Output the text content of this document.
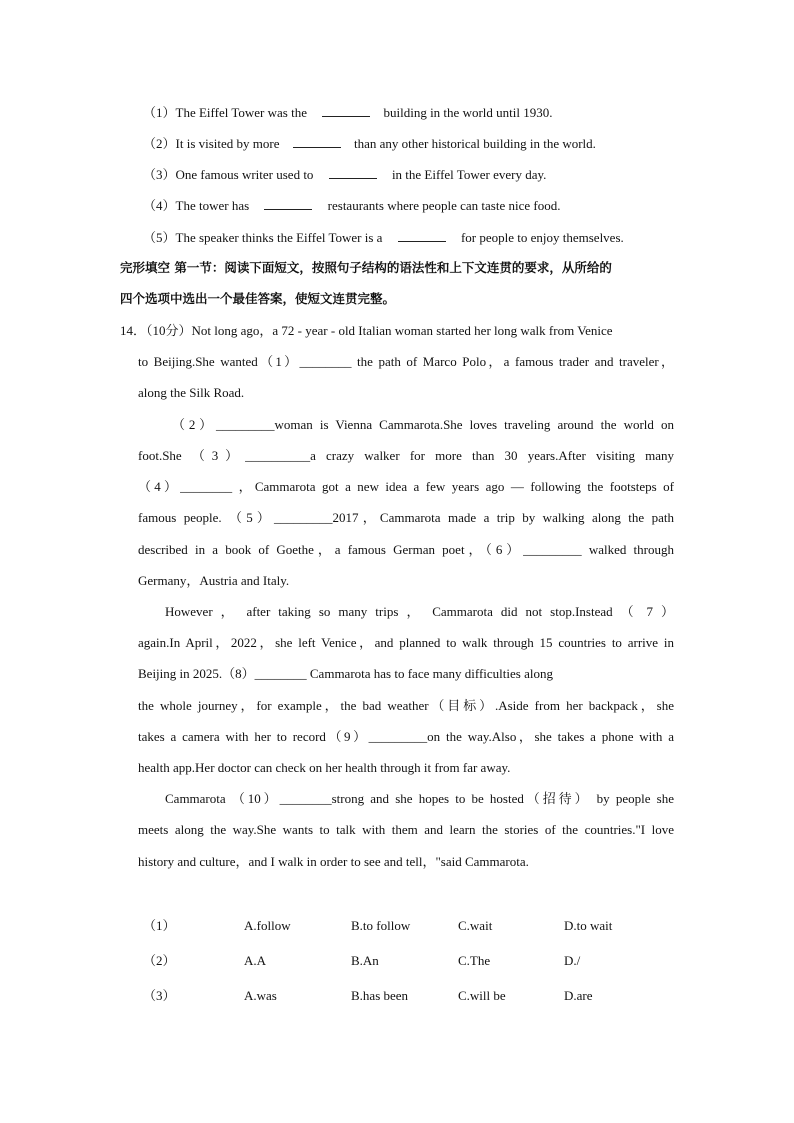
（1）The Eiffel Tower was the	building in the world until 1930.
（2）It is visited by more	than any other historical building in the world.
（3）One famous writer used to	in the Eiffel Tower every day.
（4）The tower has	restaurants where people can taste nice food.
（5）The speaker thinks the Eiffel Tower is a	for people to enjoy themselves.
完形填空 第一节：阅读下面短文，按照句子结构的语法性和上下文连贯的要求，从所给的
四个选项中选出一个最佳答案，使短文连贯完整。
14．（10分）Not long ago，a 72 - year - old Italian woman started her long walk from Venice
to Beijing.She wanted（1）________ the path of Marco Polo，a famous trader and traveler，
along the Silk Road.
（2）_________woman is Vienna Cammarota.She loves traveling around the world on
foot.She （3）__________a crazy walker for more than 30 years.After visiting many
（4）________ ，Cammarota got a new idea a few years ago — following the footsteps of
famous people. （5）_________2017，Cammarota made a trip by walking along the path
described in a book of Goethe，a famous German poet，（6）_________ walked through
Germany，Austria and Italy.
However ， after taking so many trips ， Cammarota did not stop.Instead （ 7 ）
again.In April，2022，she left Venice，and planned to walk through 15 countries to arrive in
Beijing in 2025.（8）________ Cammarota has to face many difficulties along
the whole journey，for example，the bad weather（目标）.Aside from her backpack，she
takes a camera with her to record（9）_________on the way.Also，she takes a phone with a
health app.Her doctor can check on her health through it from far away.
Cammarota （10）________strong and she hopes to be hosted（招待） by people she
meets along the way.She wants to talk with them and learn the stories of the countries."I love
history and culture，and I walk in order to see and tell，"said Cammarota.
（1）	A.follow	B.to follow	C.wait	D.to wait
（2）	A.A	B.An	C.The	D./
（3）	A.was	B.has been	C.will be	D.are
